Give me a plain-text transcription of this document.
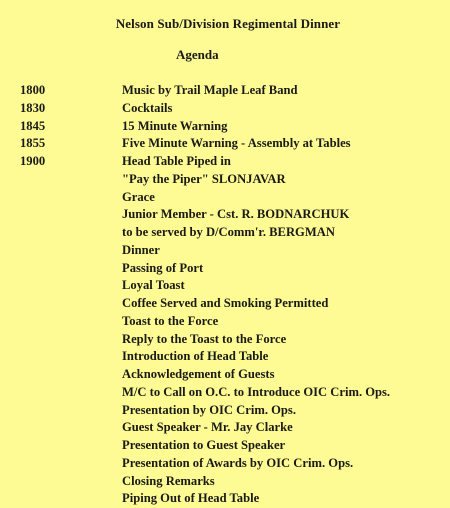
Nelson Sub/Division Regimental Dinner
Agenda
1800	Music by Trail Maple Leaf Band
1830	Cocktails
1845	15 Minute Warning
1855	Five Minute Warning - Assembly at Tables
1900	Head Table Piped in
"Pay the Piper" SLONJAVAR
Grace
Junior Member - Cst. R. BODNARCHUK
to be served by D/Comm'r. BERGMAN
Dinner
Passing of Port
Loyal Toast
Coffee Served and Smoking Permitted
Toast to the Force
Reply to the Toast to the Force
Introduction of Head Table
Acknowledgement of Guests
M/C to Call on O.C. to Introduce OIC Crim. Ops.
Presentation by OIC Crim. Ops.
Guest Speaker - Mr. Jay Clarke
Presentation to Guest Speaker
Presentation of Awards by OIC Crim. Ops.
Closing Remarks
Piping Out of Head Table
